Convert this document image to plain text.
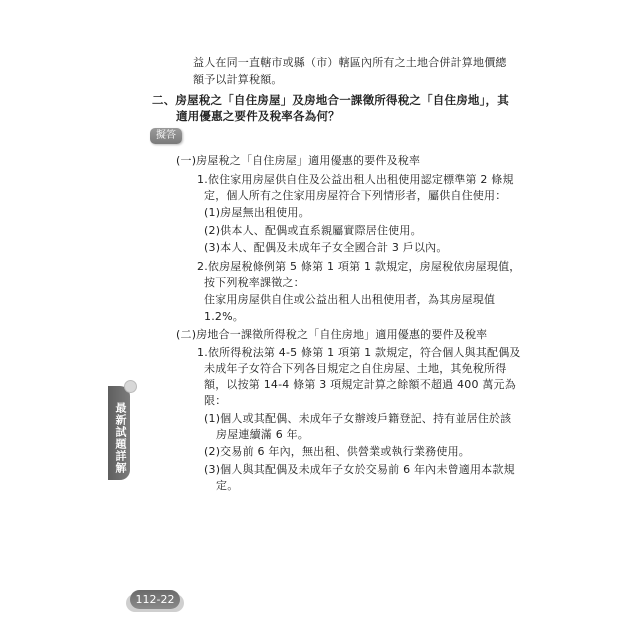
益人在同一直轄市或縣（市）轄區內所有之土地合併計算地價總
額予以計算稅額。
二、房屋稅之「自住房屋」及房地合一課徵所得稅之「自住房地」，其
適用優惠之要件及稅率各為何？
擬答
(一)房屋稅之「自住房屋」適用優惠的要件及稅率
1.依住家用房屋供自住及公益出租人出租使用認定標準第 2 條規
定，個人所有之住家用房屋符合下列情形者，屬供自住使用：
(1)房屋無出租使用。
(2)供本人、配偶或直系親屬實際居住使用。
(3)本人、配偶及未成年子女全國合計 3 戶以內。
2.依房屋稅條例第 5 條第 1 項第 1 款規定，房屋稅依房屋現值，
按下列稅率課徵之：
住家用房屋供自住或公益出租人出租使用者，為其房屋現值
1.2%。
(二)房地合一課徵所得稅之「自住房地」適用優惠的要件及稅率
1.依所得稅法第 4-5 條第 1 項第 1 款規定，符合個人與其配偶及
未成年子女符合下列各目規定之自住房屋、土地，其免稅所得
額，以按第 14-4 條第 3 項規定計算之餘額不超過 400 萬元為
限：
(1)個人或其配偶、未成年子女辦竣戶籍登記、持有並居住於該
房屋連續滿 6 年。
(2)交易前 6 年內，無出租、供營業或執行業務使用。
(3)個人與其配偶及未成年子女於交易前 6 年內未曾適用本款規
定。
最新試題詳解
112-22
